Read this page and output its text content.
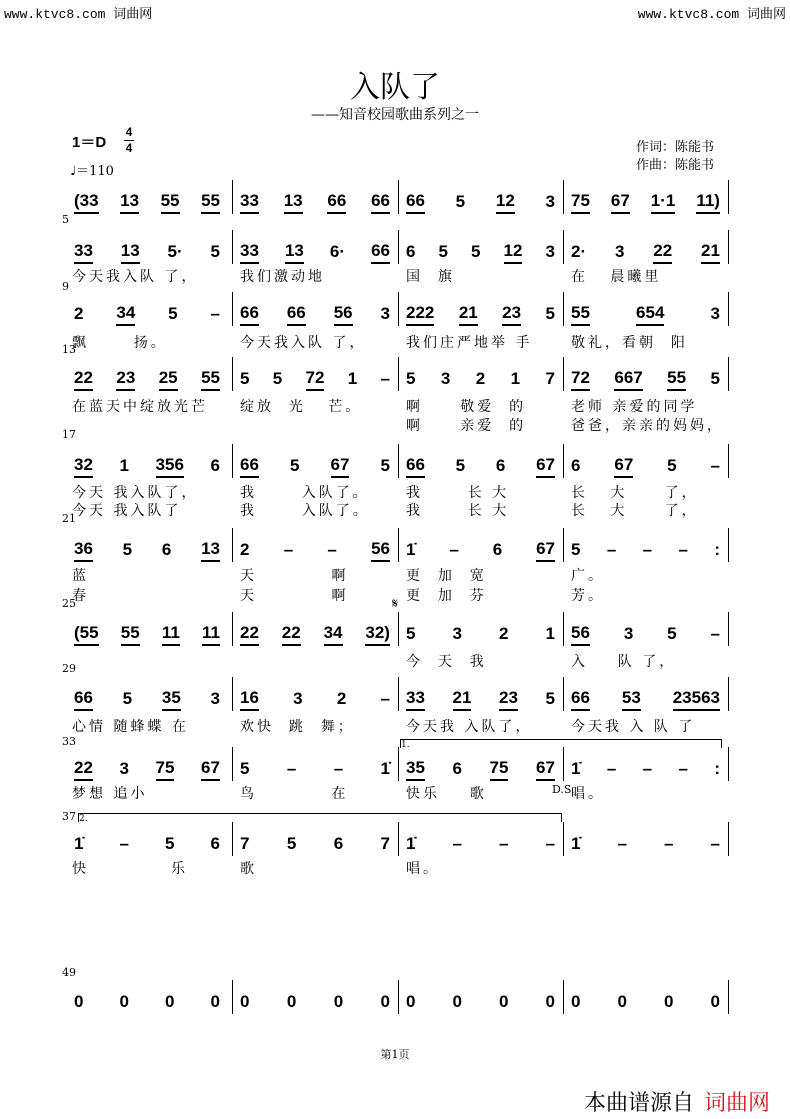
www.ktvc8.com 词曲网	www.ktvc8.com 词曲网
入队了
——知音校园歌曲系列之一
1＝D
4
4
♩＝110
作词：陈能书
作曲：陈能书
(33 13 55 55 33 13 66 66 66 5 12 3 75 67 1·1 11)
5
33 13 5· 5 33 13 6· 66 6 5 5 12 3 2· 3 22 21
今天我入队 了，	我们激动地	国  旗	在   晨曦里
9
2 34 5 – 66 66 56 3 222 21 23 5 55	654	3
飘      扬。	今天我入队 了，	我们庄严地举 手	敬礼，看朝  阳
13
22 23 25 55 5 5 72 1 – 5 3 2 1 7 72 667 55 5
在蓝天中绽放光芒 绽放  光   芒。	啊     敬爱  的	老师 亲爱的同学
啊     亲爱  的	爸爸，亲亲的妈妈，
17
32 1 356 6 66 5 67 5 66 5 6 67 6 67 5 –
今天 我入队了，	我      入队了。	我      长 大	长   大     了，
今天 我入队了	我      入队了。	我      长 大	长   大     了，
21
36 5 6 13 2 – – 56 1̇ – 6 67 5 – – – :
蓝	天          啊	更  加  宽	广。
春	天          啊	更  加  芬	芳。
25
(55 55 11 11 22 22 34 32) 5 3 2 1 56 3 5 –
今  天  我	入    队 了，
29
66 5 35 3 16 3 2 – 33 21 23 5 66 53 23563
心情 随蜂蝶 在	欢快  跳  舞；	今天我 入队了，	今天我 入 队 了
33
22 3 75 67 5 – – 1̇ 35 6 75 67 1̇ – – – :
梦想 追小	鸟          在	快乐    歌	唱。
37
1̇ – 5 6 7 5 6 7 1̇ – – – 1̇ – – –
快           乐	歌	唱。
49
0 0 0 0 0 0 0 0 0 0 0 0 0 0 0 0
1.
2.
D.S.
𝄋
第1页
本曲谱源自 词曲网
